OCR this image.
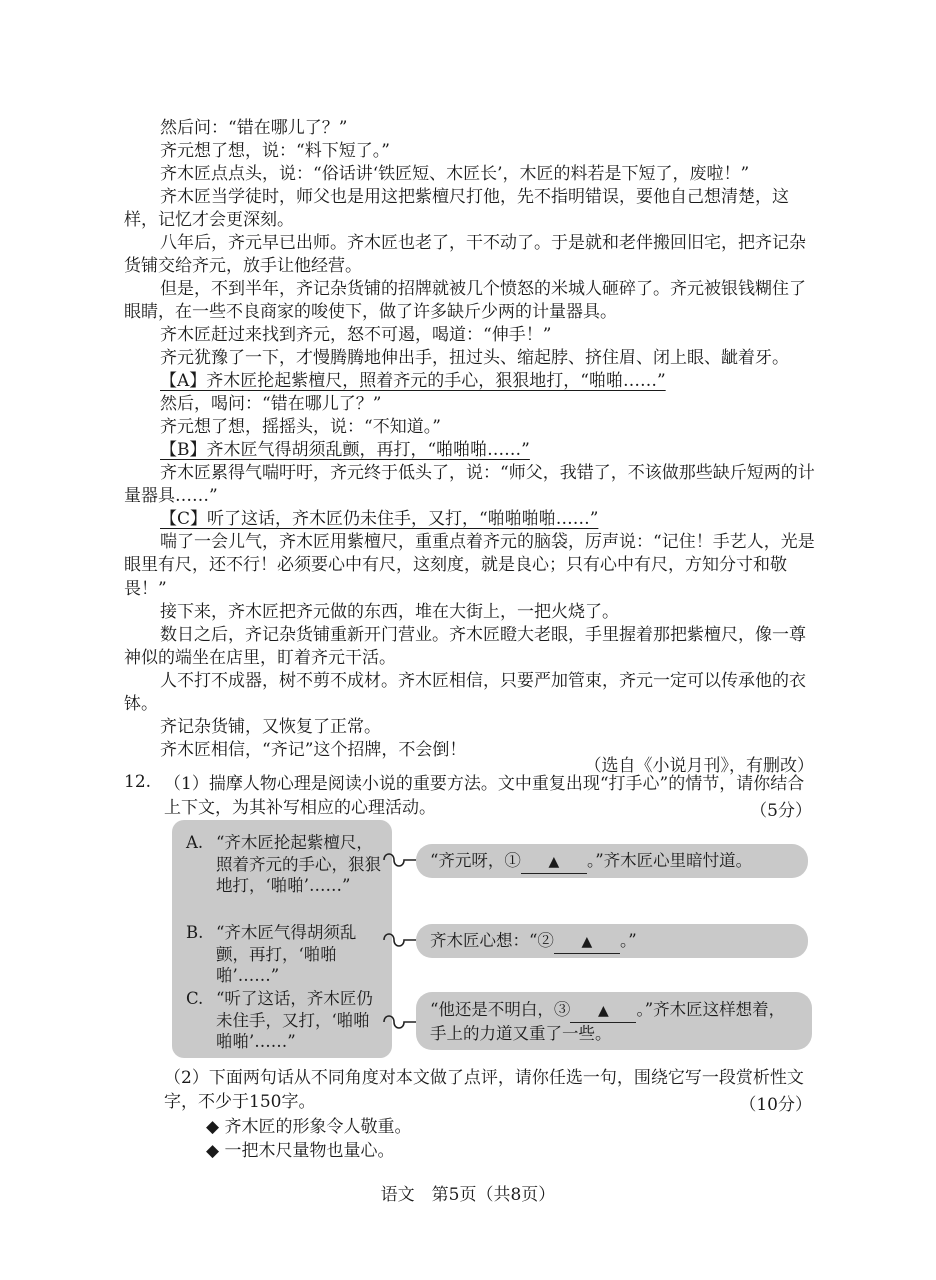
然后问：“错在哪儿了？”

齐元想了想，说：“料下短了。”

齐木匠点点头，说：“俗话讲‘铁匠短、木匠长’，木匠的料若是下短了，废啦！”

齐木匠当学徒时，师父也是用这把紫檀尺打他，先不指明错误，要他自己想清楚，这样，记忆才会更深刻。

八年后，齐元早已出师。齐木匠也老了，干不动了。于是就和老伴搬回旧宅，把齐记杂货铺交给齐元，放手让他经营。

但是，不到半年，齐记杂货铺的招牌就被几个愤怒的米城人砸碎了。齐元被银钱糊住了眼睛，在一些不良商家的唆使下，做了许多缺斤少两的计量器具。

齐木匠赶过来找到齐元，怒不可遏，喝道：“伸手！”

齐元犹豫了一下，才慢腾腾地伸出手，扭过头、缩起脖、挤住眉、闭上眼、龇着牙。

【A】齐木匠抡起紫檀尺，照着齐元的手心，狠狠地打，“啪啪……”

然后，喝问：“错在哪儿了？”

齐元想了想，摇摇头，说：“不知道。”

【B】齐木匠气得胡须乱颤，再打，“啪啪啪……”

齐木匠累得气喘吁吁，齐元终于低头了，说：“师父，我错了，不该做那些缺斤短两的计量器具……”

【C】听了这话，齐木匠仍未住手，又打，“啪啪啪啪……”

喘了一会儿气，齐木匠用紫檀尺，重重点着齐元的脑袋，厉声说：“记住！手艺人，光是眼里有尺，还不行！必须要心中有尺，这刻度，就是良心；只有心中有尺，方知分寸和敬畏！”

接下来，齐木匠把齐元做的东西，堆在大街上，一把火烧了。

数日之后，齐记杂货铺重新开门营业。齐木匠瞪大老眼，手里握着那把紫檀尺，像一尊神似的端坐在店里，盯着齐元干活。

人不打不成器，树不剪不成材。齐木匠相信，只要严加管束，齐元一定可以传承他的衣钵。

齐记杂货铺，又恢复了正常。

齐木匠相信，“齐记”这个招牌，不会倒！

（选自《小说月刊》，有删改）
12. （1）揣摩人物心理是阅读小说的重要方法。文中重复出现“打手心”的情节，请你结合上下文，为其补写相应的心理活动。	（5分）
A. “齐木匠抡起紫檀尺，照着齐元的手心，狠狠地打，‘啪啪’……”
B. “齐木匠气得胡须乱颤，再打，‘啪啪啪’……”
C. “听了这话，齐木匠仍未住手，又打，‘啪啪啪啪’……”
“齐元呀，① ▲ 。”齐木匠心里暗忖道。
齐木匠心想：“② ▲ 。”
“他还是不明白，③ ▲ 。”齐木匠这样想着，手上的力道又重了一些。
（2）下面两句话从不同角度对本文做了点评，请你任选一句，围绕它写一段赏析性文字，不少于150字。	（10分）
◆ 齐木匠的形象令人敬重。
◆ 一把木尺量物也量心。
语文　第5页（共8页）
